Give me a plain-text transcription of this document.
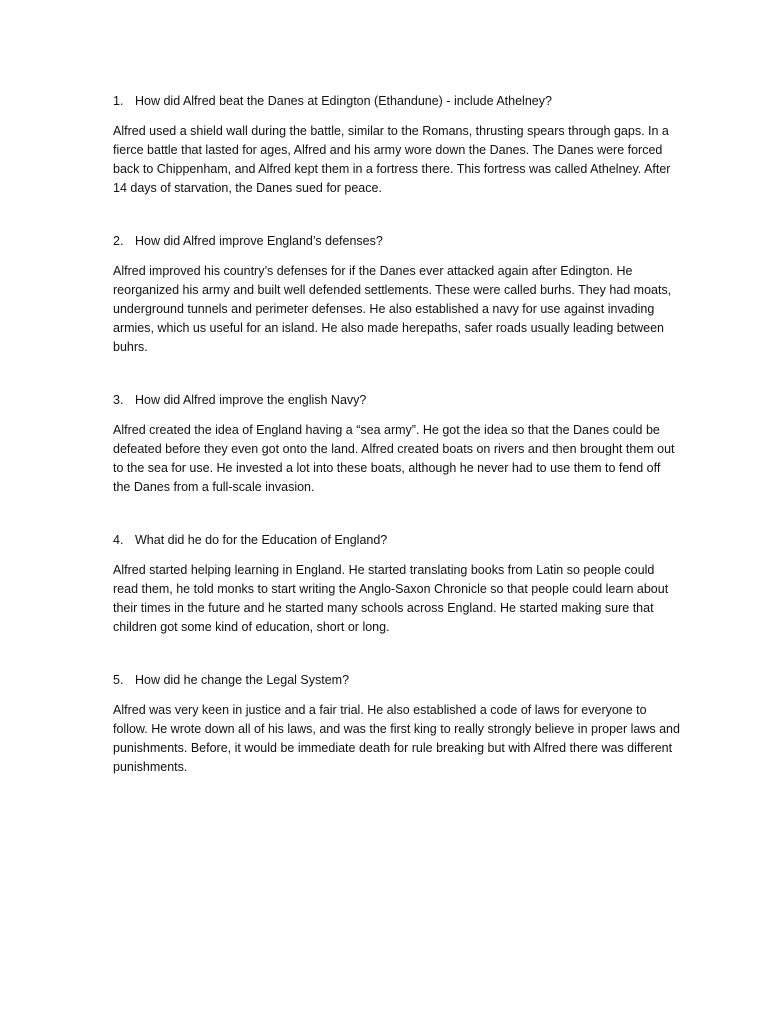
1. How did Alfred beat the Danes at Edington (Ethandune) - include Athelney?

Alfred used a shield wall during the battle, similar to the Romans, thrusting spears through gaps. In a fierce battle that lasted for ages, Alfred and his army wore down the Danes. The Danes were forced back to Chippenham, and Alfred kept them in a fortress there. This fortress was called Athelney. After 14 days of starvation, the Danes sued for peace.

2. How did Alfred improve England’s defenses?

Alfred improved his country’s defenses for if the Danes ever attacked again after Edington. He reorganized his army and built well defended settlements. These were called burhs. They had moats, underground tunnels and perimeter defenses. He also established a navy for use against invading armies, which us useful for an island. He also made herepaths, safer roads usually leading between buhrs.

3. How did Alfred improve the english Navy?

Alfred created the idea of England having a “sea army”. He got the idea so that the Danes could be defeated before they even got onto the land. Alfred created boats on rivers and then brought them out to the sea for use. He invested a lot into these boats, although he never had to use them to fend off the Danes from a full-scale invasion.

4. What did he do for the Education of England?

Alfred started helping learning in England. He started translating books from Latin so people could read them, he told monks to start writing the Anglo-Saxon Chronicle so that people could learn about their times in the future and he started many schools across England. He started making sure that children got some kind of education, short or long.

5. How did he change the Legal System?

Alfred was very keen in justice and a fair trial. He also established a code of laws for everyone to follow. He wrote down all of his laws, and was the first king to really strongly believe in proper laws and punishments. Before, it would be immediate death for rule breaking but with Alfred there was different punishments.
